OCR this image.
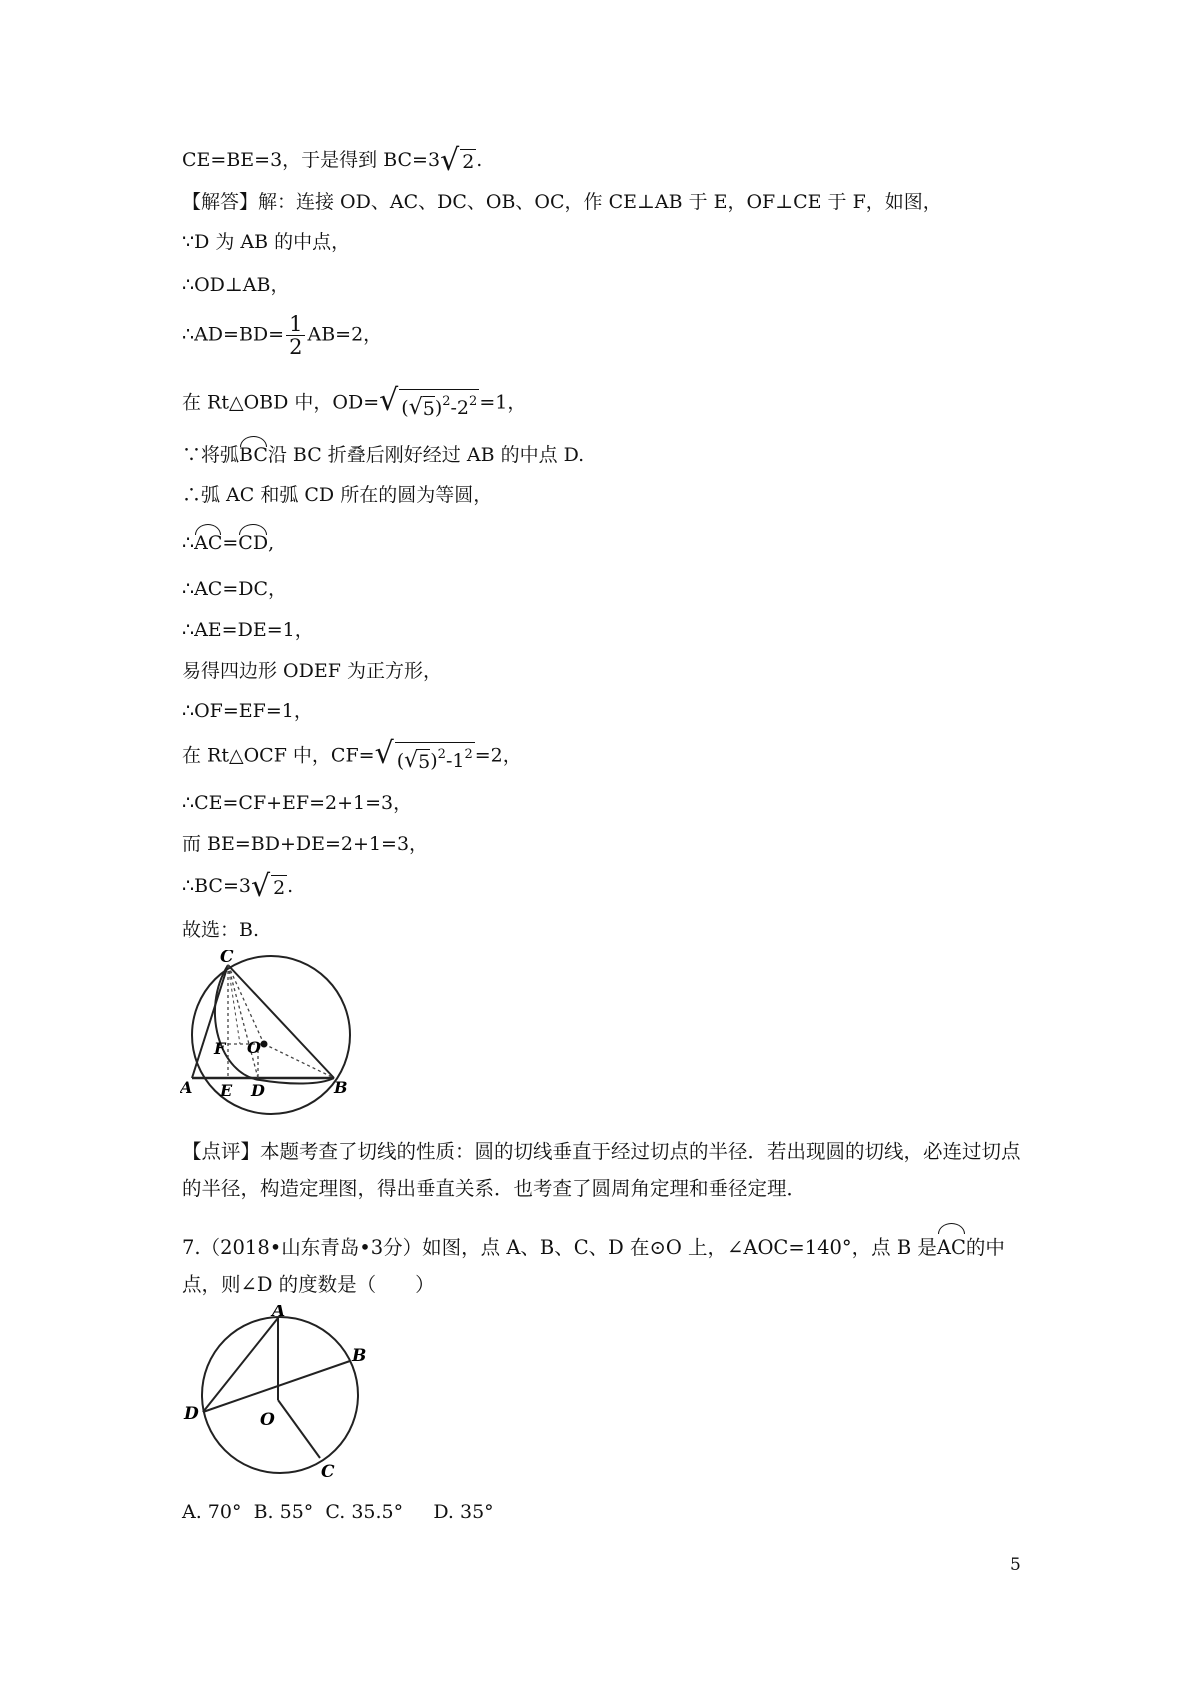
CE=BE=3，于是得到 BC=3 √ 2 .
【解答】解：连接 OD、AC、DC、OB、OC，作 CE⊥AB 于 E，OF⊥CE 于 F，如图，
∵D 为 AB 的中点，
∴OD⊥AB，
∴AD=BD= $\frac{1}{2} AB=2$，
在 Rt△OBD 中，OD= √ ( √ 5 )$^2-2^2 =1$，
∵将弧BC沿 BC 折叠后刚好经过 AB 的中点 D.
∴弧 AC 和弧 CD 所在的圆为等圆，
∴AC=CD,
∴AC=DC，
∴AE=DE=1，
易得四边形 ODEF 为正方形，
∴OF=EF=1，
在 Rt△OCF 中，CF= √ ( √ 5 )$^2-1^2 =2$，
∴CE=CF+EF=2+1=3，
而 BE=BD+DE=2+1=3，
∴BC=3 √ 2 .
故选：B.
C
F O
A E D	B
【点评】本题考查了切线的性质：圆的切线垂直于经过切点的半径．若出现圆的切线，必连过切点的半径，构造定理图，得出垂直关系．也考查了圆周角定理和垂径定理．
7.（2018•山东青岛•3分）如图，点 A、B、C、D 在⊙O 上，∠AOC=140°，点 B 是AC的中点，则∠D 的度数是（　　）
A
B
C
D	O
A. 70° B. 55° C. 35.5° D. 35°
5
